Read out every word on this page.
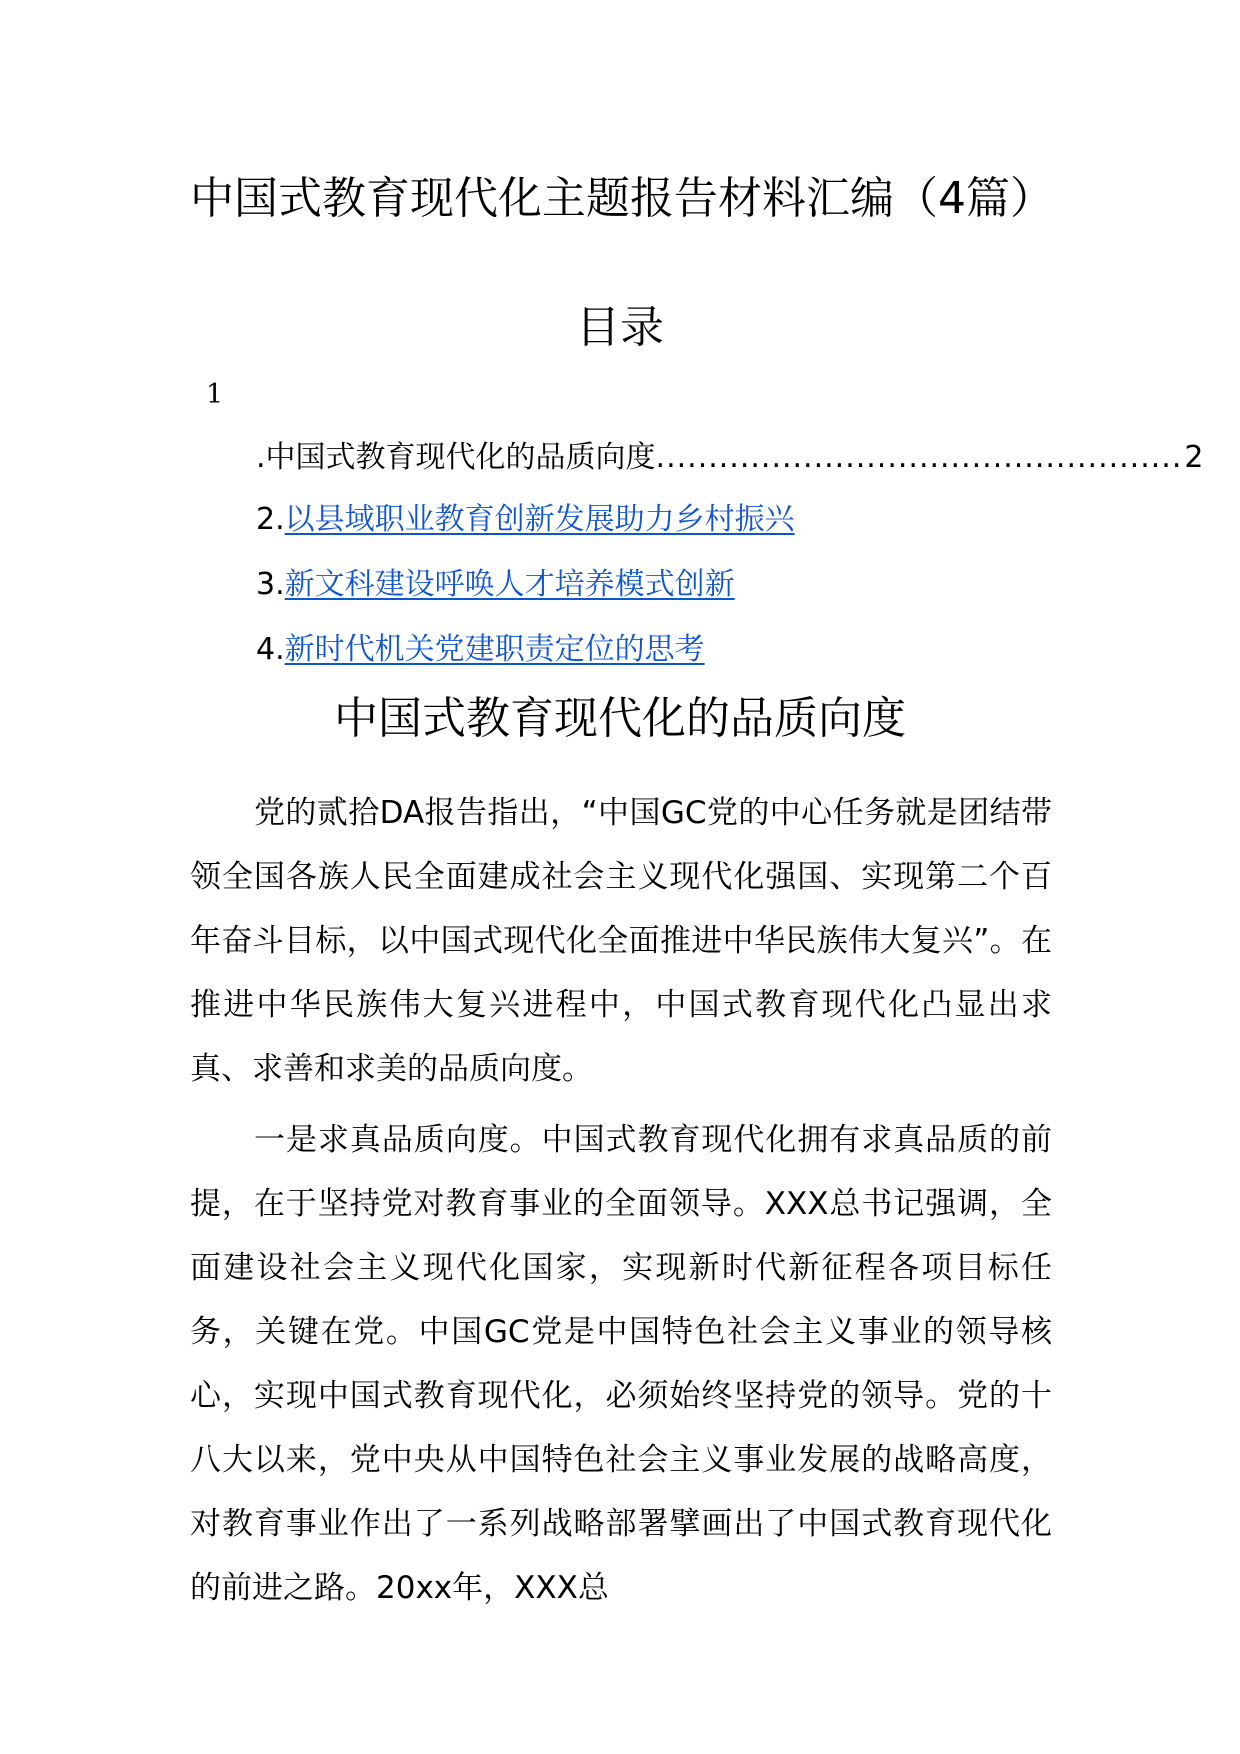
中国式教育现代化主题报告材料汇编（4篇）
目录
1
.中国式教育现代化的品质向度 .................................................. 2
2.以县域职业教育创新发展助力乡村振兴
3.新文科建设呼唤人才培养模式创新
4.新时代机关党建职责定位的思考
中国式教育现代化的品质向度

党的贰拾DA报告指出，“中国GC党的中心任务就是团结带领全国各族人民全面建成社会主义现代化强国、实现第二个百年奋斗目标，以中国式现代化全面推进中华民族伟大复兴”。在推进中华民族伟大复兴进程中，中国式教育现代化凸显出求真、求善和求美的品质向度。

一是求真品质向度。中国式教育现代化拥有求真品质的前提，在于坚持党对教育事业的全面领导。XXX总书记强调，全面建设社会主义现代化国家，实现新时代新征程各项目标任务，关键在党。中国GC党是中国特色社会主义事业的领导核心，实现中国式教育现代化，必须始终坚持党的领导。党的十八大以来，党中央从中国特色社会主义事业发展的战略高度，对教育事业作出了一系列战略部署擘画出了中国式教育现代化的前进之路。20xx年，XXX总
